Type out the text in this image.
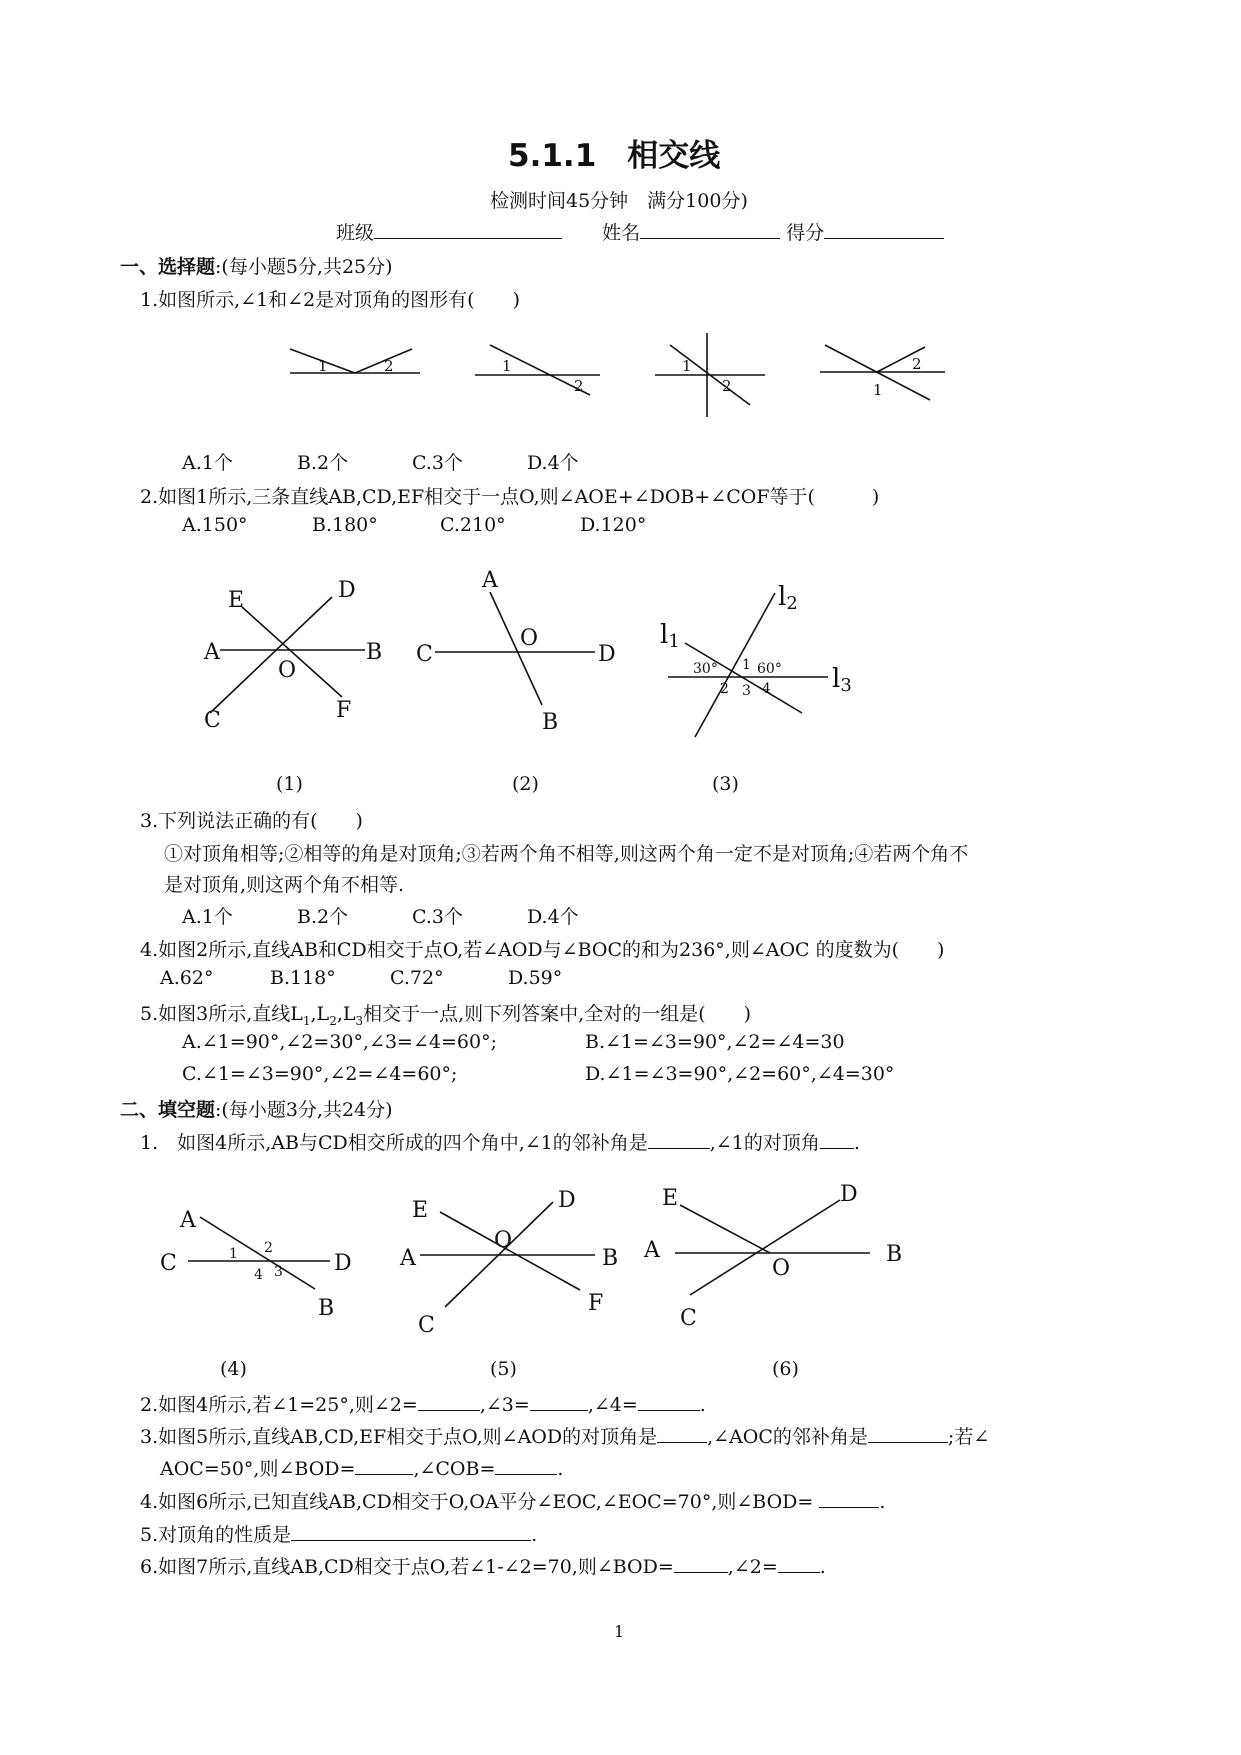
5.1.1　相交线
检测时间45分钟　满分100分)
班级	姓名	得分
一、选择题:(每小题5分,共25分)
1.如图所示,∠1和∠2是对顶角的图形有(　　)
1	2	1
2
1
2	1
2
A.1个	B.2个	C.3个	D.4个
2.如图1所示,三条直线AB,CD,EF相交于一点O,则∠AOE+∠DOB+∠COF等于(　　　)
A.150°	B.180°	C.210°	D.120°
E	D
A	B
O
C	F
(1)
A
C
O
D
B
(2)
l1
l2
l3
30°	60°
1
2 3 4
(3)
3.下列说法正确的有(　　)
①对顶角相等;②相等的角是对顶角;③若两个角不相等,则这两个角一定不是对顶角;④若两个角不
是对顶角,则这两个角不相等.
A.1个	B.2个	C.3个	D.4个
4.如图2所示,直线AB和CD相交于点O,若∠AOD与∠BOC的和为236°,则∠AOC 的度数为(　　)
A.62°	B.118°	C.72°	D.59°
5.如图3所示,直线$L_1,L_2,L_3$相交于一点,则下列答案中,全对的一组是(　　)
A.∠1=90°,∠2=30°,∠3=∠4=60°;	B.∠1=∠3=90°,∠2=∠4=30
C.∠1=∠3=90°,∠2=∠4=60°;	D.∠1=∠3=90°,∠2=60°,∠4=30°
二、填空题:(每小题3分,共24分)
1.　如图4所示,AB与CD相交所成的四个角中,∠1的邻补角是	,∠1的对顶角 .
A
C	D
B
1 2
3
4
(4)
E	D
A
O
B
C
F
(5)
E	D
A
O
B
C
(6)
2.如图4所示,若∠1=25°,则∠2=	,∠3=	,∠4=	.
3.如图5所示,直线AB,CD,EF相交于点O,则∠AOD的对顶角是	,∠AOC的邻补角是	;若∠
AOC=50°,则∠BOD=	,∠COB=	.
4.如图6所示,已知直线AB,CD相交于O,OA平分∠EOC,∠EOC=70°,则∠BOD=	.
5.对顶角的性质是	.
6.如图7所示,直线AB,CD相交于点O,若∠1-∠2=70,则∠BOD=	,∠2= .
1
